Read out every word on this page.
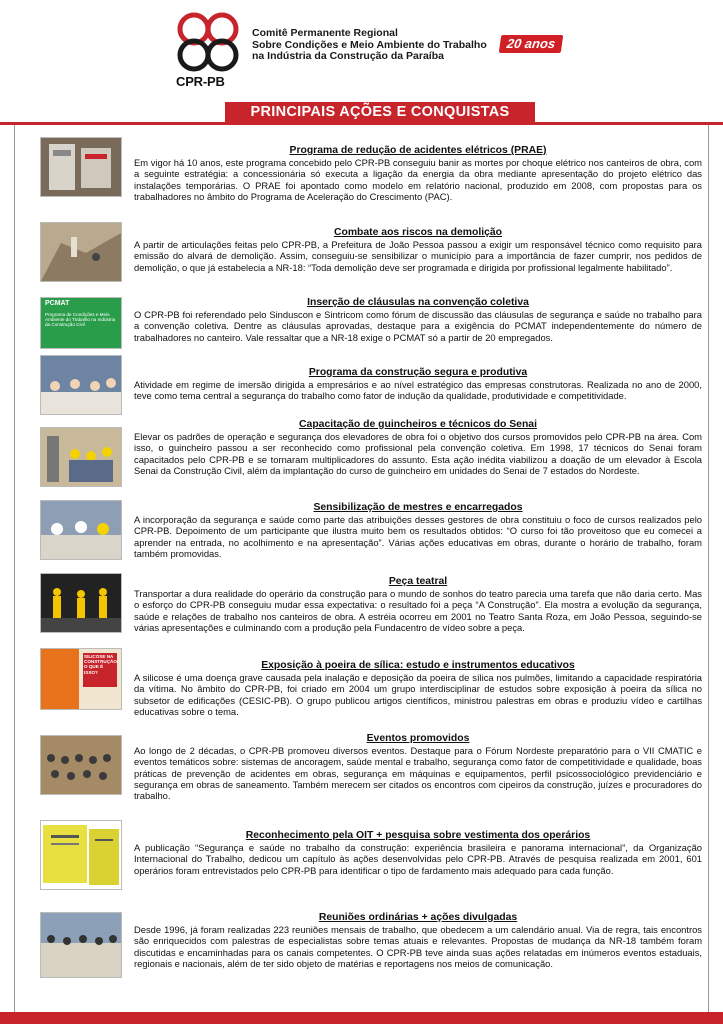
CPR-PB
Comitê Permanente Regional
Sobre Condições e Meio Ambiente do Trabalho
na Indústria da Construção da Paraíba
20 anos
PRINCIPAIS AÇÕES E CONQUISTAS
PCMAT
Programa de Condições e Meio Ambiente do Trabalho na Indústria da Construção Civil
SILICOSE NA CONSTRUÇÃO, O QUE É ISSO?
Programa de redução de acidentes elétricos (PRAE)

Em vigor há 10 anos, este programa concebido pelo CPR-PB conseguiu banir as mortes por choque elétrico nos canteiros de obra, com a seguinte estratégia: a concessionária só executa a ligação da energia da obra mediante apresentação do projeto elétrico das instalações temporárias. O PRAE foi apontado como modelo em relatório nacional, produzido em 2008, com propostas para os trabalhadores no âmbito do Programa de Aceleração do Crescimento (PAC).

Combate aos riscos na demolição

A partir de articulações feitas pelo CPR-PB, a Prefeitura de João Pessoa passou a exigir um responsável técnico como requisito para emissão do alvará de demolição. Assim, conseguiu-se sensibilizar o município para a importância de fazer cumprir, nos pedidos de demolição, o que já estabelecia a NR-18: “Toda demolição deve ser programada e dirigida por profissional legalmente habilitado”.

Inserção de cláusulas na convenção coletiva

O CPR-PB foi referendado pelo Sinduscon e Sintricom como fórum de discussão das cláusulas de segurança e saúde no trabalho para a convenção coletiva. Dentre as cláusulas aprovadas, destaque para a exigência do PCMAT independentemente do número de trabalhadores no canteiro. Vale ressaltar que a NR-18 exige o PCMAT só a partir de 20 empregados.

Programa da construção segura e produtiva

Atividade em regime de imersão dirigida a empresários e ao nível estratégico das empresas construtoras. Realizada no ano de 2000, teve como tema central a segurança do trabalho como fator de indução da qualidade, produtividade e competitividade.

Capacitação de guincheiros e técnicos do Senai

Elevar os padrões de operação e segurança dos elevadores de obra foi o objetivo dos cursos promovidos pelo CPR-PB na área. Com isso, o guincheiro passou a ser reconhecido como profissional pela convenção coletiva. Em 1998, 17 técnicos do Senai foram capacitados pelo CPR-PB e se tornaram multiplicadores do assunto. Esta ação inédita viabilizou a doação de um elevador à Escola Senai da Construção Civil, além da implantação do curso de guincheiro em unidades do Senai de 7 estados do Nordeste.

Sensibilização de mestres e encarregados

A incorporação da segurança e saúde como parte das atribuições desses gestores de obra constituiu o foco de cursos realizados pelo CPR-PB. Depoimento de um participante que ilustra muito bem os resultados obtidos: “O curso foi tão proveitoso que eu comecei a aprender na entrada, no acolhimento e na apresentação”. Várias ações educativas em obras, durante o horário de trabalho, foram também promovidas.

Peça teatral

Transportar a dura realidade do operário da construção para o mundo de sonhos do teatro parecia uma tarefa que não daria certo. Mas o esforço do CPR-PB conseguiu mudar essa expectativa: o resultado foi a peça “A Construção”. Ela mostra a evolução da segurança, saúde e relações de trabalho nos canteiros de obra. A estréia ocorreu em 2001 no Teatro Santa Roza, em João Pessoa, seguindo-se várias apresentações e culminando com a produção pela Fundacentro de vídeo sobre a peça.

Exposição à poeira de sílica: estudo e instrumentos educativos

A silicose é uma doença grave causada pela inalação e deposição da poeira de sílica nos pulmões, limitando a capacidade respiratória da vítima. No âmbito do CPR-PB, foi criado em 2004 um grupo interdisciplinar de estudos sobre exposição à poeira da sílica no subsetor de edificações (CESIC-PB). O grupo publicou artigos científicos, ministrou palestras em obras e produziu vídeo e cartilhas educativas sobre o tema.

Eventos promovidos

Ao longo de 2 décadas, o CPR-PB promoveu diversos eventos. Destaque para o Fórum Nordeste preparatório para o VII CMATIC e eventos temáticos sobre: sistemas de ancoragem, saúde mental e trabalho, segurança como fator de competitividade e qualidade, boas práticas de prevenção de acidentes em obras, segurança em máquinas e equipamentos, perfil psicossociológico previdenciário e segurança em obras de saneamento. Também merecem ser citados os encontros com cipeiros da construção, juízes e procuradores do trabalho.

Reconhecimento pela OIT + pesquisa sobre vestimenta dos operários

A publicação “Segurança e saúde no trabalho da construção: experiência brasileira e panorama internacional”, da Organização Internacional do Trabalho, dedicou um capítulo às ações desenvolvidas pelo CPR-PB. Através de pesquisa realizada em 2001, 601 operários foram entrevistados pelo CPR-PB para identificar o tipo de fardamento mais adequado para cada função.

Reuniões ordinárias + ações divulgadas

Desde 1996, já foram realizadas 223 reuniões mensais de trabalho, que obedecem a um calendário anual. Via de regra, tais encontros são enriquecidos com palestras de especialistas sobre temas atuais e relevantes. Propostas de mudança da NR-18 também foram discutidas e encaminhadas para os canais competentes. O CPR-PB teve ainda suas ações relatadas em inúmeros eventos estaduais, regionais e nacionais, além de ter sido objeto de matérias e reportagens nos meios de comunicação.
